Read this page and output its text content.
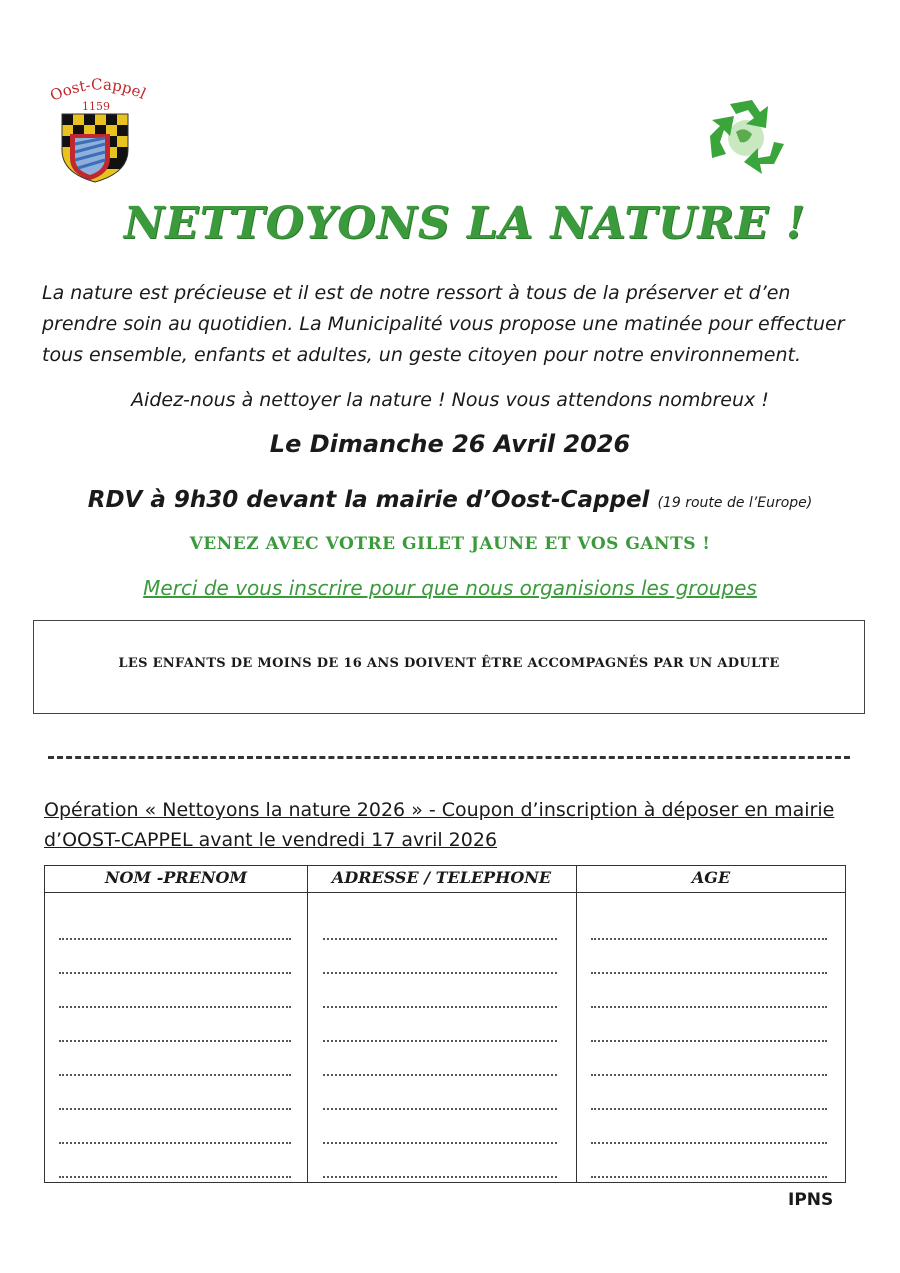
Oost-Cappel
1159
NETTOYONS LA NATURE !

La nature est précieuse et il est de notre ressort à tous de la préserver et d’en

prendre soin au quotidien. La Municipalité vous propose une matinée pour effectuer

tous ensemble, enfants et adultes, un geste citoyen pour notre environnement.

Aidez-nous à nettoyer la nature ! Nous vous attendons nombreux !
Le Dimanche 26 Avril 2026
RDV à 9h30 devant la mairie d’Oost-Cappel (19 route de l’Europe)
VENEZ AVEC VOTRE GILET JAUNE ET VOS GANTS !
Merci de vous inscrire pour que nous organisions les groupes
LES ENFANTS DE MOINS DE 16 ANS DOIVENT ÊTRE ACCOMPAGNÉS PAR UN ADULTE

Opération « Nettoyons la nature 2026 » - Coupon d’inscription à déposer en mairie

d’OOST-CAPPEL avant le vendredi 17 avril 2026

NOM -PRENOM	ADRESSE / TELEPHONE	AGE
IPNS
